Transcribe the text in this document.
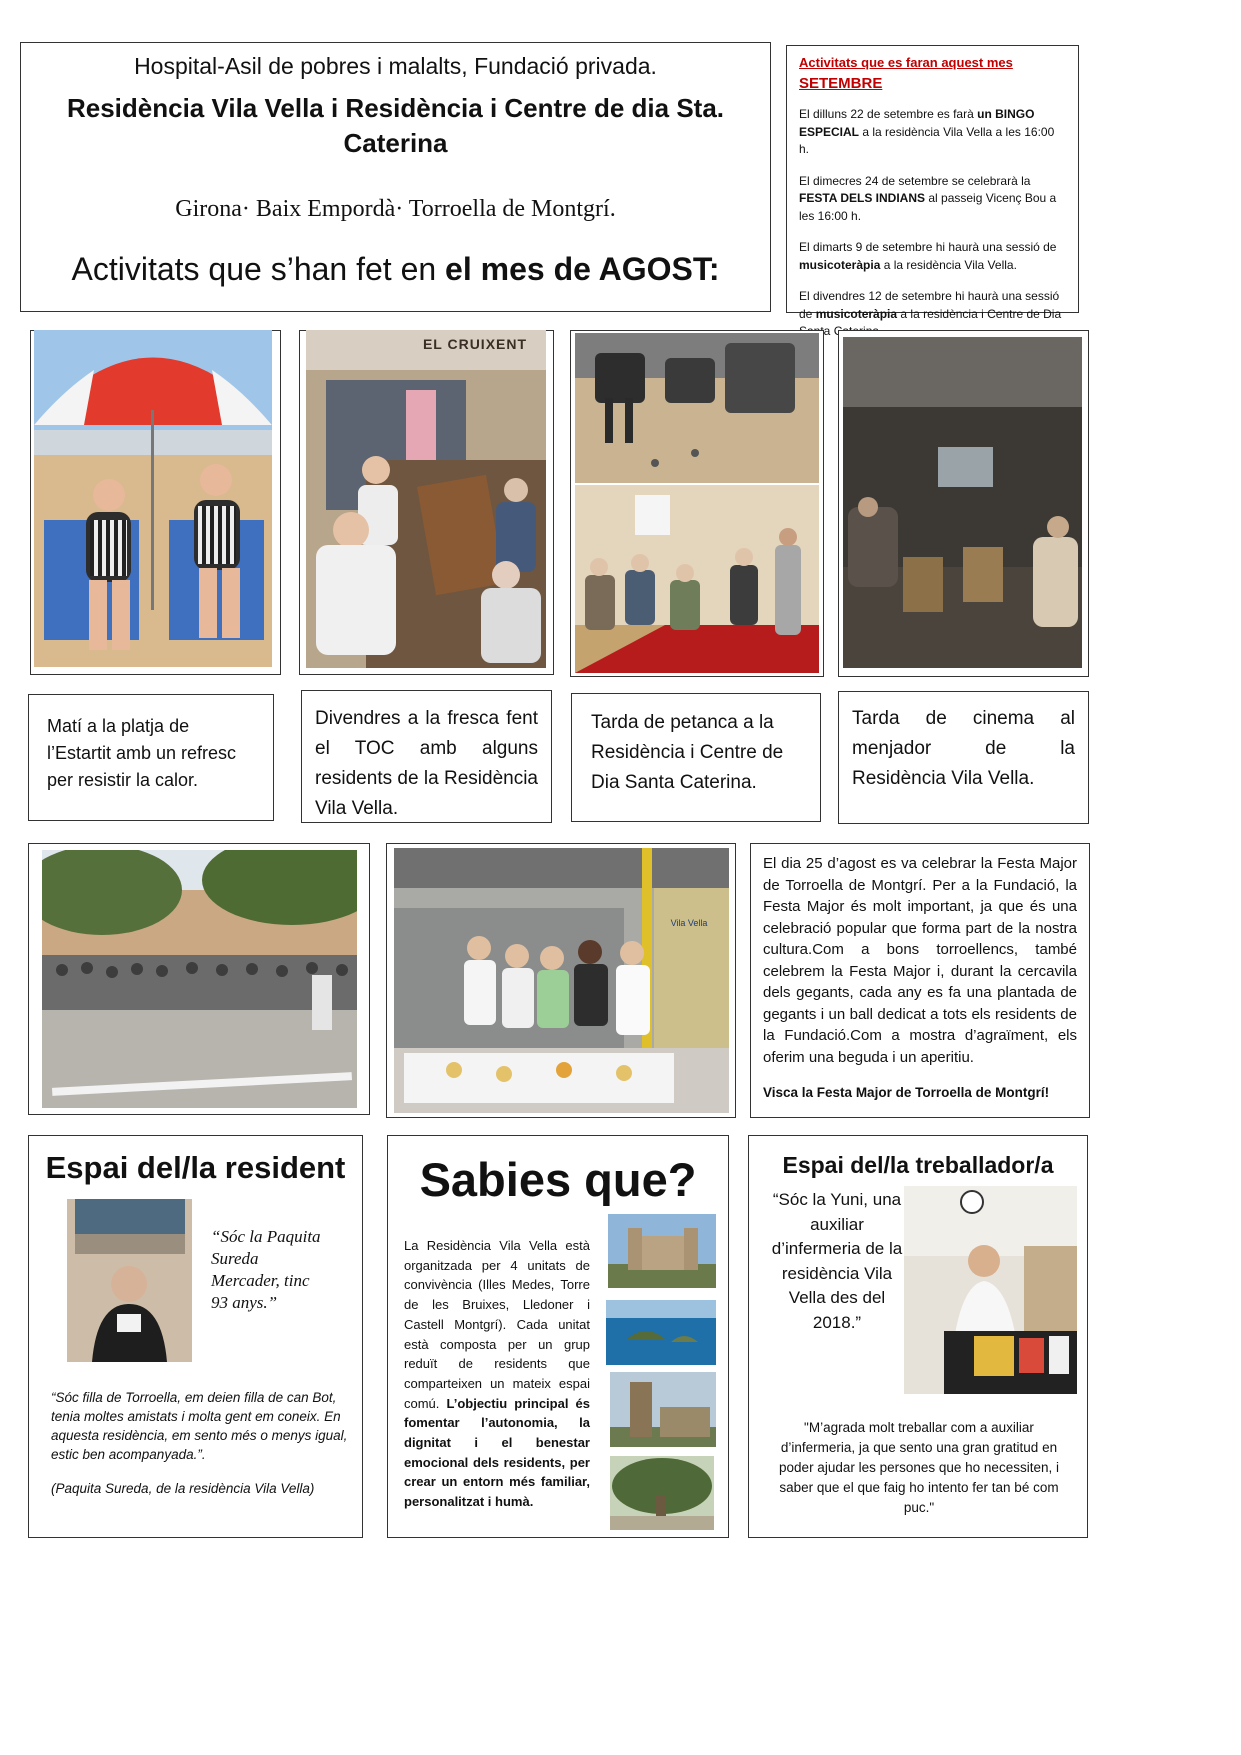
Hospital-Asil de pobres i malalts, Fundació privada.
Residència Vila Vella i Residència i Centre de dia Sta. Caterina
Girona· Baix Empordà· Torroella de Montgrí.
Activitats que s’han fet en el mes de AGOST:
Activitats que es faran aquest mes
SETEMBRE
El dilluns 22 de setembre es farà un BINGO ESPECIAL a la residència Vila Vella a les 16:00 h.
El dimecres 24 de setembre se celebrarà la FESTA DELS INDIANS al passeig Vicenç Bou a les 16:00 h.
El dimarts 9 de setembre hi haurà una sessió de musicoteràpia a la residència Vila Vella.
El divendres 12 de setembre hi haurà una sessió de musicoteràpia a la residència i Centre de Dia
EL CRUIXENT
Matí a la platja de l’Estartit amb un refresc per resistir la calor.
Divendres a la fresca fent el TOC amb alguns residents de la Residència Vila Vella.
Tarda de petanca a la Residència i Centre de Dia Santa Caterina.
Tarda de cinema al menjador de la Residència Vila Vella.
Vila Vella
El dia 25 d’agost es va celebrar la Festa Major de Torroella de Montgrí. Per a la Fundació, la Festa Major és molt important, ja que és una celebració popular que forma part de la nostra cultura.Com a bons torroellencs, també celebrem la Festa Major i, durant la cercavila dels gegants, cada any es fa una plantada de gegants i un ball dedicat a tots els residents de la Fundació.Com a mostra d’agraïment, els oferim una beguda i un aperitiu.
Visca la Festa Major de Torroella de Montgrí!
Espai del/la resident
“Sóc la Paquita Sureda Mercader, tinc 93 anys.”
“Sóc filla de Torroella, em deien filla de can Bot, tenia moltes amistats i molta gent em coneix. En aquesta residència, em sento més o menys igual, estic ben acompanyada.”.
(Paquita Sureda, de la residència Vila Vella)
Sabies que?
La Residència Vila Vella està organitzada per 4 unitats de convivència (Illes Medes, Torre de les Bruixes, Lledoner i Castell Montgrí). Cada unitat està composta per un grup reduït de residents que comparteixen un mateix espai comú. L’objectiu principal és fomentar l’autonomia, la dignitat i el benestar emocional dels residents, per crear un entorn més familiar, personalitzat i humà.
Espai del/la treballador/a
“Sóc la Yuni, una auxiliar d’infermeria de la residència Vila Vella des del 2018.”
"M’agrada molt treballar com a auxiliar d’infermeria, ja que sento una gran gratitud en poder ajudar les persones que ho necessiten, i saber que el que faig ho intento fer tan bé com puc."
